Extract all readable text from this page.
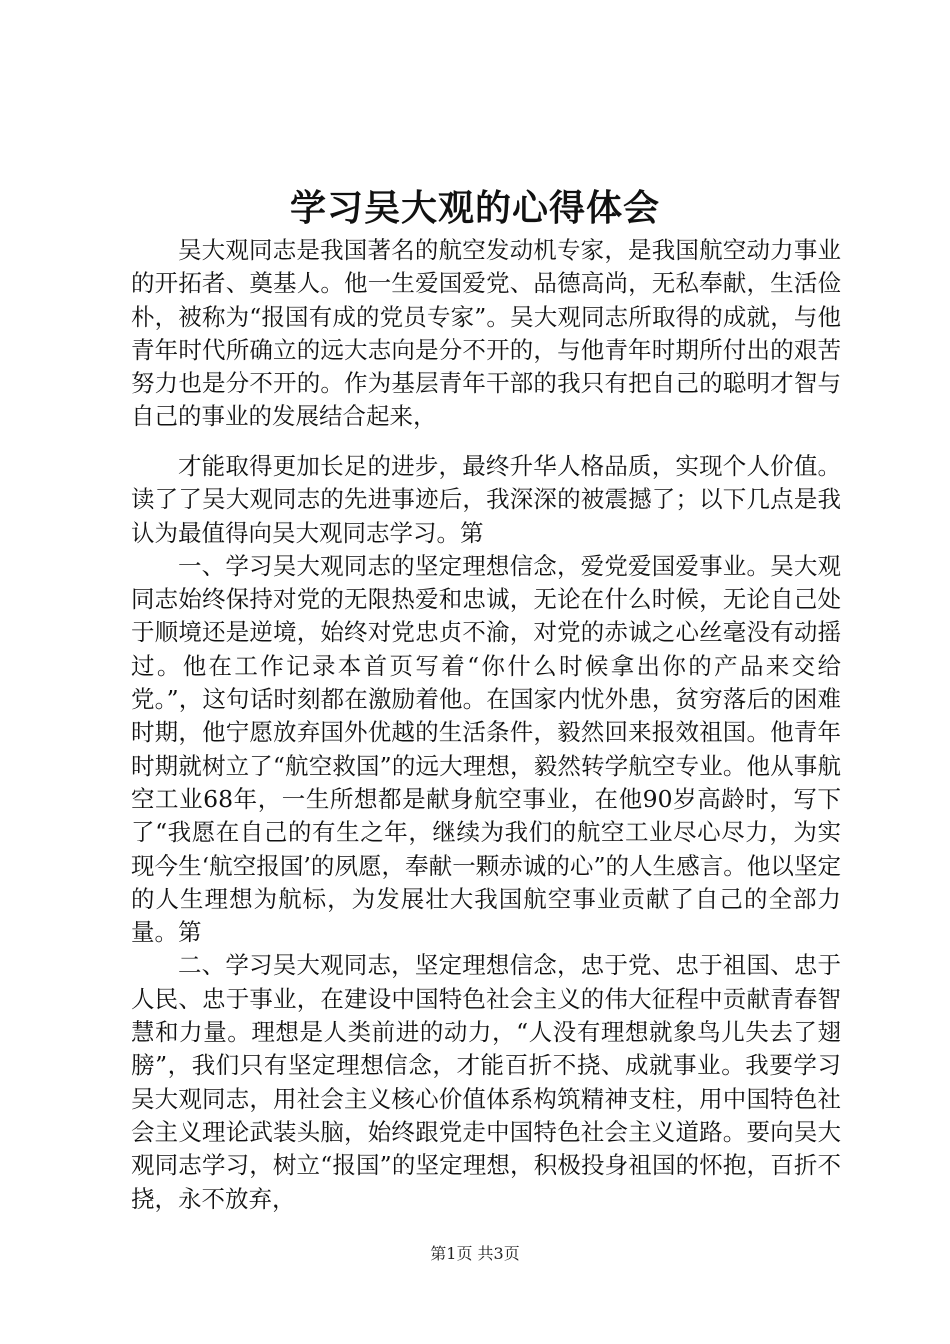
学习吴大观的心得体会

吴大观同志是我国著名的航空发动机专家，是我国航空动力事业的开拓者、奠基人。他一生爱国爱党、品德高尚，无私奉献，生活俭朴，被称为“报国有成的党员专家”。吴大观同志所取得的成就，与他青年时代所确立的远大志向是分不开的，与他青年时期所付出的艰苦努力也是分不开的。作为基层青年干部的我只有把自己的聪明才智与自己的事业的发展结合起来，

才能取得更加长足的进步，最终升华人格品质，实现个人价值。读了了吴大观同志的先进事迹后，我深深的被震撼了；以下几点是我认为最值得向吴大观同志学习。第

一、学习吴大观同志的坚定理想信念，爱党爱国爱事业。吴大观同志始终保持对党的无限热爱和忠诚，无论在什么时候，无论自己处于顺境还是逆境，始终对党忠贞不渝，对党的赤诚之心丝毫没有动摇过。他在工作记录本首页写着“你什么时候拿出你的产品来交给党。”，这句话时刻都在激励着他。在国家内忧外患，贫穷落后的困难时期，他宁愿放弃国外优越的生活条件，毅然回来报效祖国。他青年时期就树立了“航空救国”的远大理想，毅然转学航空专业。他从事航空工业68年，一生所想都是献身航空事业，在他90岁高龄时，写下了“我愿在自己的有生之年，继续为我们的航空工业尽心尽力，为实现今生‘航空报国’的夙愿，奉献一颗赤诚的心”的人生感言。他以坚定的人生理想为航标，为发展壮大我国航空事业贡献了自己的全部力量。第

二、学习吴大观同志，坚定理想信念，忠于党、忠于祖国、忠于人民、忠于事业，在建设中国特色社会主义的伟大征程中贡献青春智慧和力量。理想是人类前进的动力，“人没有理想就象鸟儿失去了翅膀”，我们只有坚定理想信念，才能百折不挠、成就事业。我要学习吴大观同志，用社会主义核心价值体系构筑精神支柱，用中国特色社会主义理论武装头脑，始终跟党走中国特色社会主义道路。要向吴大观同志学习，树立“报国”的坚定理想，积极投身祖国的怀抱，百折不挠，永不放弃，

第1页 共3页
